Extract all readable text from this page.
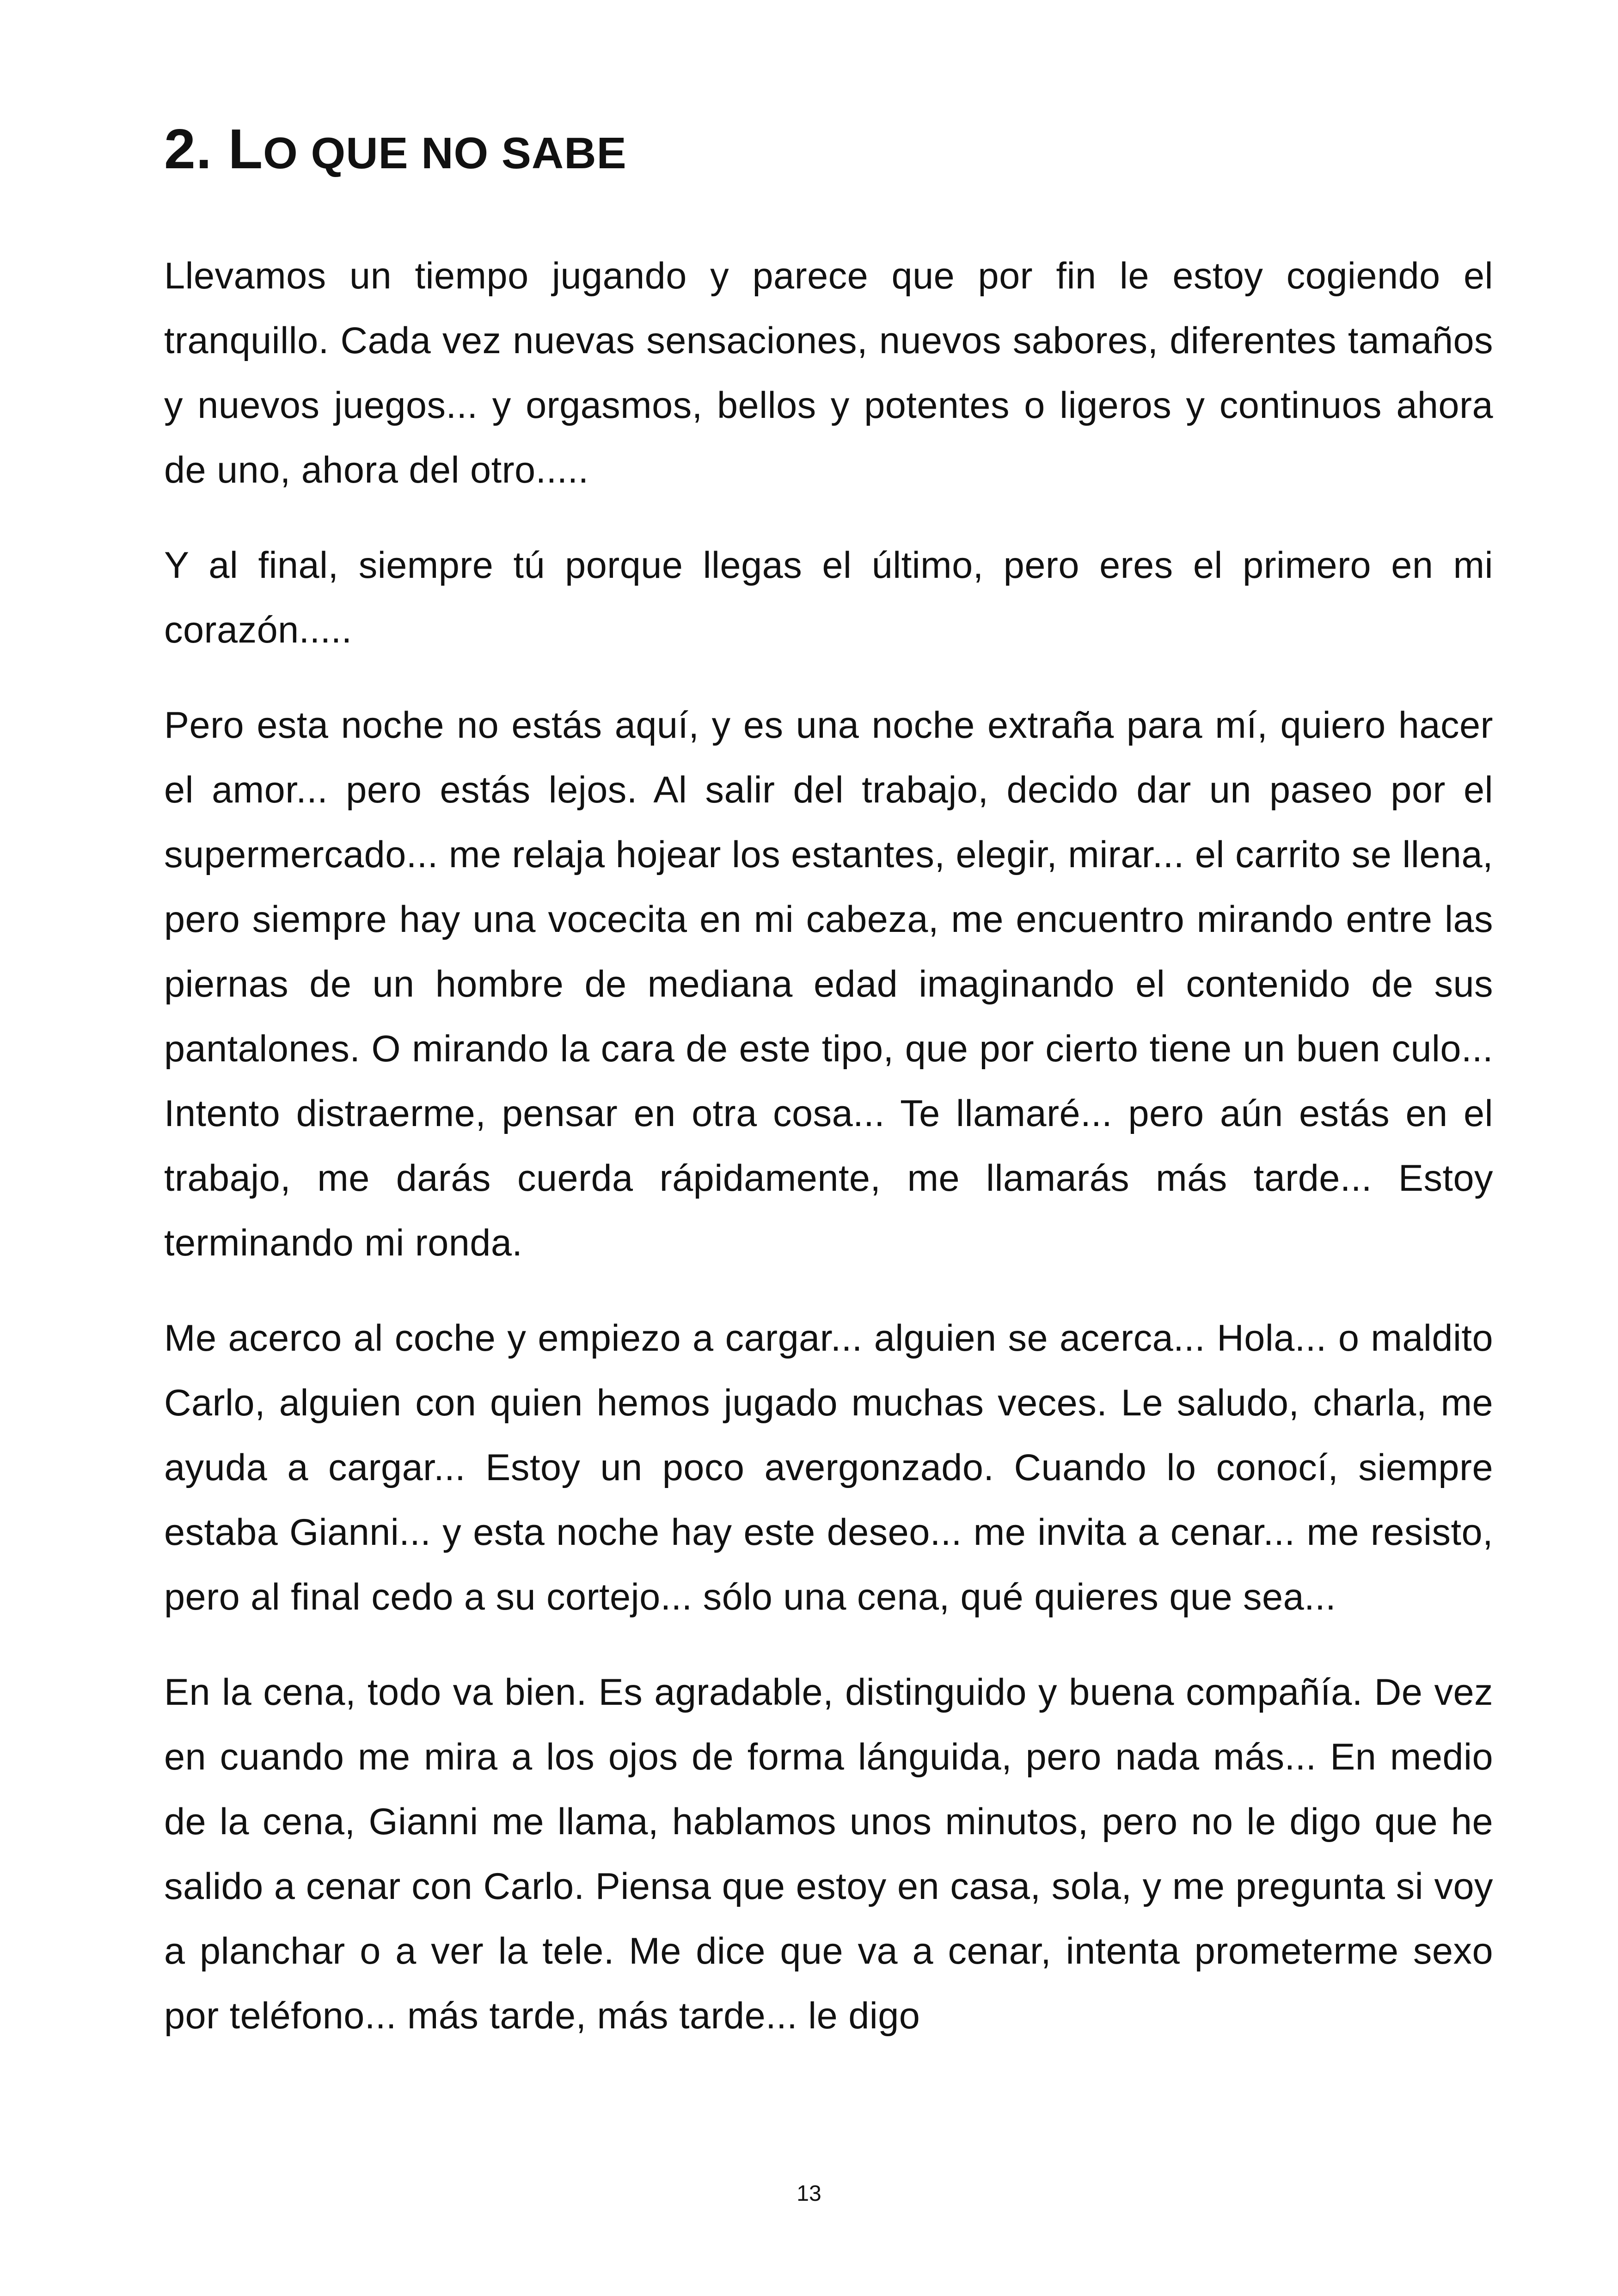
2. LO QUE NO SABE

Llevamos un tiempo jugando y parece que por fin le estoy cogiendo el tranquillo. Cada vez nuevas sensaciones, nuevos sabores, diferentes tamaños y nuevos juegos... y orgasmos, bellos y potentes o ligeros y continuos ahora de uno, ahora del otro.....

Y al final, siempre tú porque llegas el último, pero eres el primero en mi corazón.....

Pero esta noche no estás aquí, y es una noche extraña para mí, quiero hacer el amor... pero estás lejos. Al salir del trabajo, decido dar un paseo por el supermercado... me relaja hojear los estantes, elegir, mirar... el carrito se llena, pero siempre hay una vocecita en mi cabeza, me encuentro mirando entre las piernas de un hombre de mediana edad imaginando el contenido de sus pantalones. O mirando la cara de este tipo, que por cierto tiene un buen culo... Intento distraerme, pensar en otra cosa... Te llamaré... pero aún estás en el trabajo, me darás cuerda rápidamente, me llamarás más tarde... Estoy terminando mi ronda.

Me acerco al coche y empiezo a cargar... alguien se acerca... Hola... o maldito Carlo, alguien con quien hemos jugado muchas veces. Le saludo, charla, me ayuda a cargar... Estoy un poco avergonzado. Cuando lo conocí, siempre estaba Gianni... y esta noche hay este deseo... me invita a cenar... me resisto, pero al final cedo a su cortejo... sólo una cena, qué quieres que sea...

En la cena, todo va bien. Es agradable, distinguido y buena compañía. De vez en cuando me mira a los ojos de forma lánguida, pero nada más... En medio de la cena, Gianni me llama, hablamos unos minutos, pero no le digo que he salido a cenar con Carlo. Piensa que estoy en casa, sola, y me pregunta si voy a planchar o a ver la tele. Me dice que va a cenar, intenta prometerme sexo por teléfono... más tarde, más tarde... le digo

13
